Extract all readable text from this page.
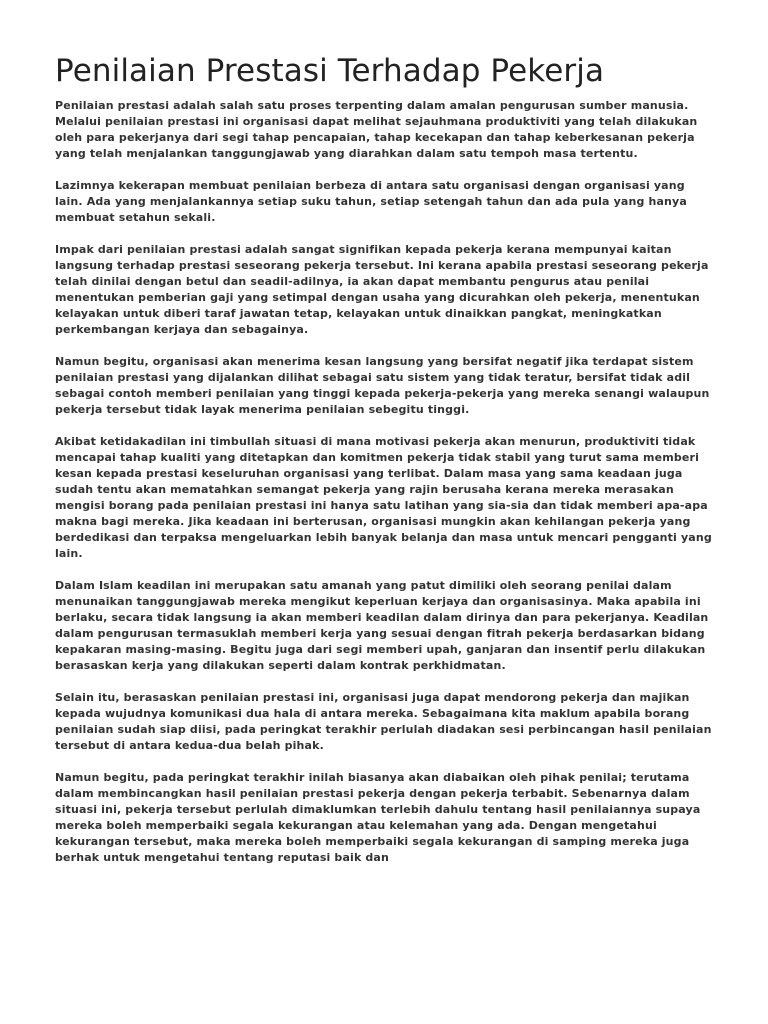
Penilaian Prestasi Terhadap Pekerja

Penilaian prestasi adalah salah satu proses terpenting dalam amalan pengurusan sumber manusia. Melalui penilaian prestasi ini organisasi dapat melihat sejauhmana produktiviti yang telah dilakukan oleh para pekerjanya dari segi tahap pencapaian, tahap kecekapan dan tahap keberkesanan pekerja yang telah menjalankan tanggungjawab yang diarahkan dalam satu tempoh masa tertentu.

Lazimnya kekerapan membuat penilaian berbeza di antara satu organisasi dengan organisasi yang lain. Ada yang menjalankannya setiap suku tahun, setiap setengah tahun dan ada pula yang hanya membuat setahun sekali.

Impak dari penilaian prestasi adalah sangat signifikan kepada pekerja kerana mempunyai kaitan langsung terhadap prestasi seseorang pekerja tersebut. Ini kerana apabila prestasi seseorang pekerja telah dinilai dengan betul dan seadil-adilnya, ia akan dapat membantu pengurus atau penilai menentukan pemberian gaji yang setimpal dengan usaha yang dicurahkan oleh pekerja, menentukan kelayakan untuk diberi taraf jawatan tetap, kelayakan untuk dinaikkan pangkat, meningkatkan perkembangan kerjaya dan sebagainya.

Namun begitu, organisasi akan menerima kesan langsung yang bersifat negatif jika terdapat sistem penilaian prestasi yang dijalankan dilihat sebagai satu sistem yang tidak teratur, bersifat tidak adil sebagai contoh memberi penilaian yang tinggi kepada pekerja-pekerja yang mereka senangi walaupun pekerja tersebut tidak layak menerima penilaian sebegitu tinggi.

Akibat ketidakadilan ini timbullah situasi di mana motivasi pekerja akan menurun, produktiviti tidak mencapai tahap kualiti yang ditetapkan dan komitmen pekerja tidak stabil yang turut sama memberi kesan kepada prestasi keseluruhan organisasi yang terlibat. Dalam masa yang sama keadaan juga sudah tentu akan mematahkan semangat pekerja yang rajin berusaha kerana mereka merasakan mengisi borang pada penilaian prestasi ini hanya satu latihan yang sia-sia dan tidak memberi apa-apa makna bagi mereka. Jika keadaan ini berterusan, organisasi mungkin akan kehilangan pekerja yang berdedikasi dan terpaksa mengeluarkan lebih banyak belanja dan masa untuk mencari pengganti yang lain.

Dalam Islam keadilan ini merupakan satu amanah yang patut dimiliki oleh seorang penilai dalam menunaikan tanggungjawab mereka mengikut keperluan kerjaya dan organisasinya. Maka apabila ini berlaku, secara tidak langsung ia akan memberi keadilan dalam dirinya dan para pekerjanya. Keadilan dalam pengurusan termasuklah memberi kerja yang sesuai dengan fitrah pekerja berdasarkan bidang kepakaran masing-masing. Begitu juga dari segi memberi upah, ganjaran dan insentif perlu dilakukan berasaskan kerja yang dilakukan seperti dalam kontrak perkhidmatan.

Selain itu, berasaskan penilaian prestasi ini, organisasi juga dapat mendorong pekerja dan majikan kepada wujudnya komunikasi dua hala di antara mereka. Sebagaimana kita maklum apabila borang penilaian sudah siap diisi, pada peringkat terakhir perlulah diadakan sesi perbincangan hasil penilaian tersebut di antara kedua-dua belah pihak.

Namun begitu, pada peringkat terakhir inilah biasanya akan diabaikan oleh pihak penilai; terutama dalam membincangkan hasil penilaian prestasi pekerja dengan pekerja terbabit. Sebenarnya dalam situasi ini, pekerja tersebut perlulah dimaklumkan terlebih dahulu tentang hasil penilaiannya supaya mereka boleh memperbaiki segala kekurangan atau kelemahan yang ada. Dengan mengetahui kekurangan tersebut, maka mereka boleh memperbaiki segala kekurangan di samping mereka juga berhak untuk mengetahui tentang reputasi baik dan
